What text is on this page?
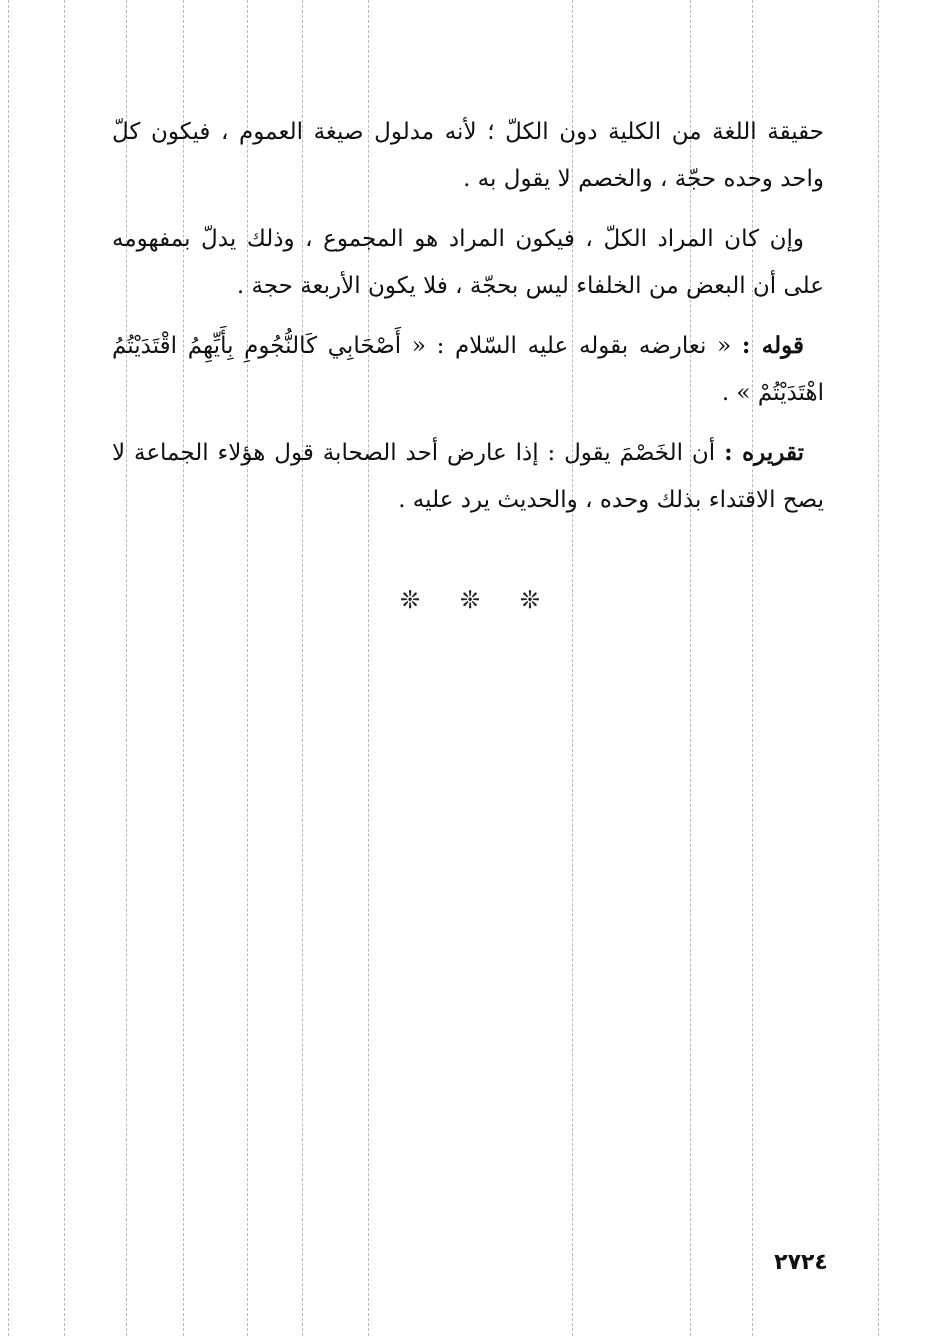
حقيقة اللغة من الكلية دون الكلّ ؛ لأنه مدلول صيغة العموم ، فيكون كلّ واحد وحده حجّة ، والخصم لا يقول به .

وإن كان المراد الكلّ ، فيكون المراد هو المجموع ، وذلك يدلّ بمفهومه على أن البعض من الخلفاء ليس بحجّة ، فلا يكون الأربعة حجة .

قوله : « نعارضه بقوله عليه السّلام : « أَصْحَابِي كَالنُّجُومِ بِأَيِّهِمُ اقْتَدَيْتُمُ اهْتَدَيْتُمْ » .

تقريره : أن الخَصْمَ يقول : إذا عارض أحد الصحابة قول هؤلاء الجماعة لا يصح الاقتداء بذلك وحده ، والحديث يرد عليه .

❊ ❊ ❊
٢٧٢٤
